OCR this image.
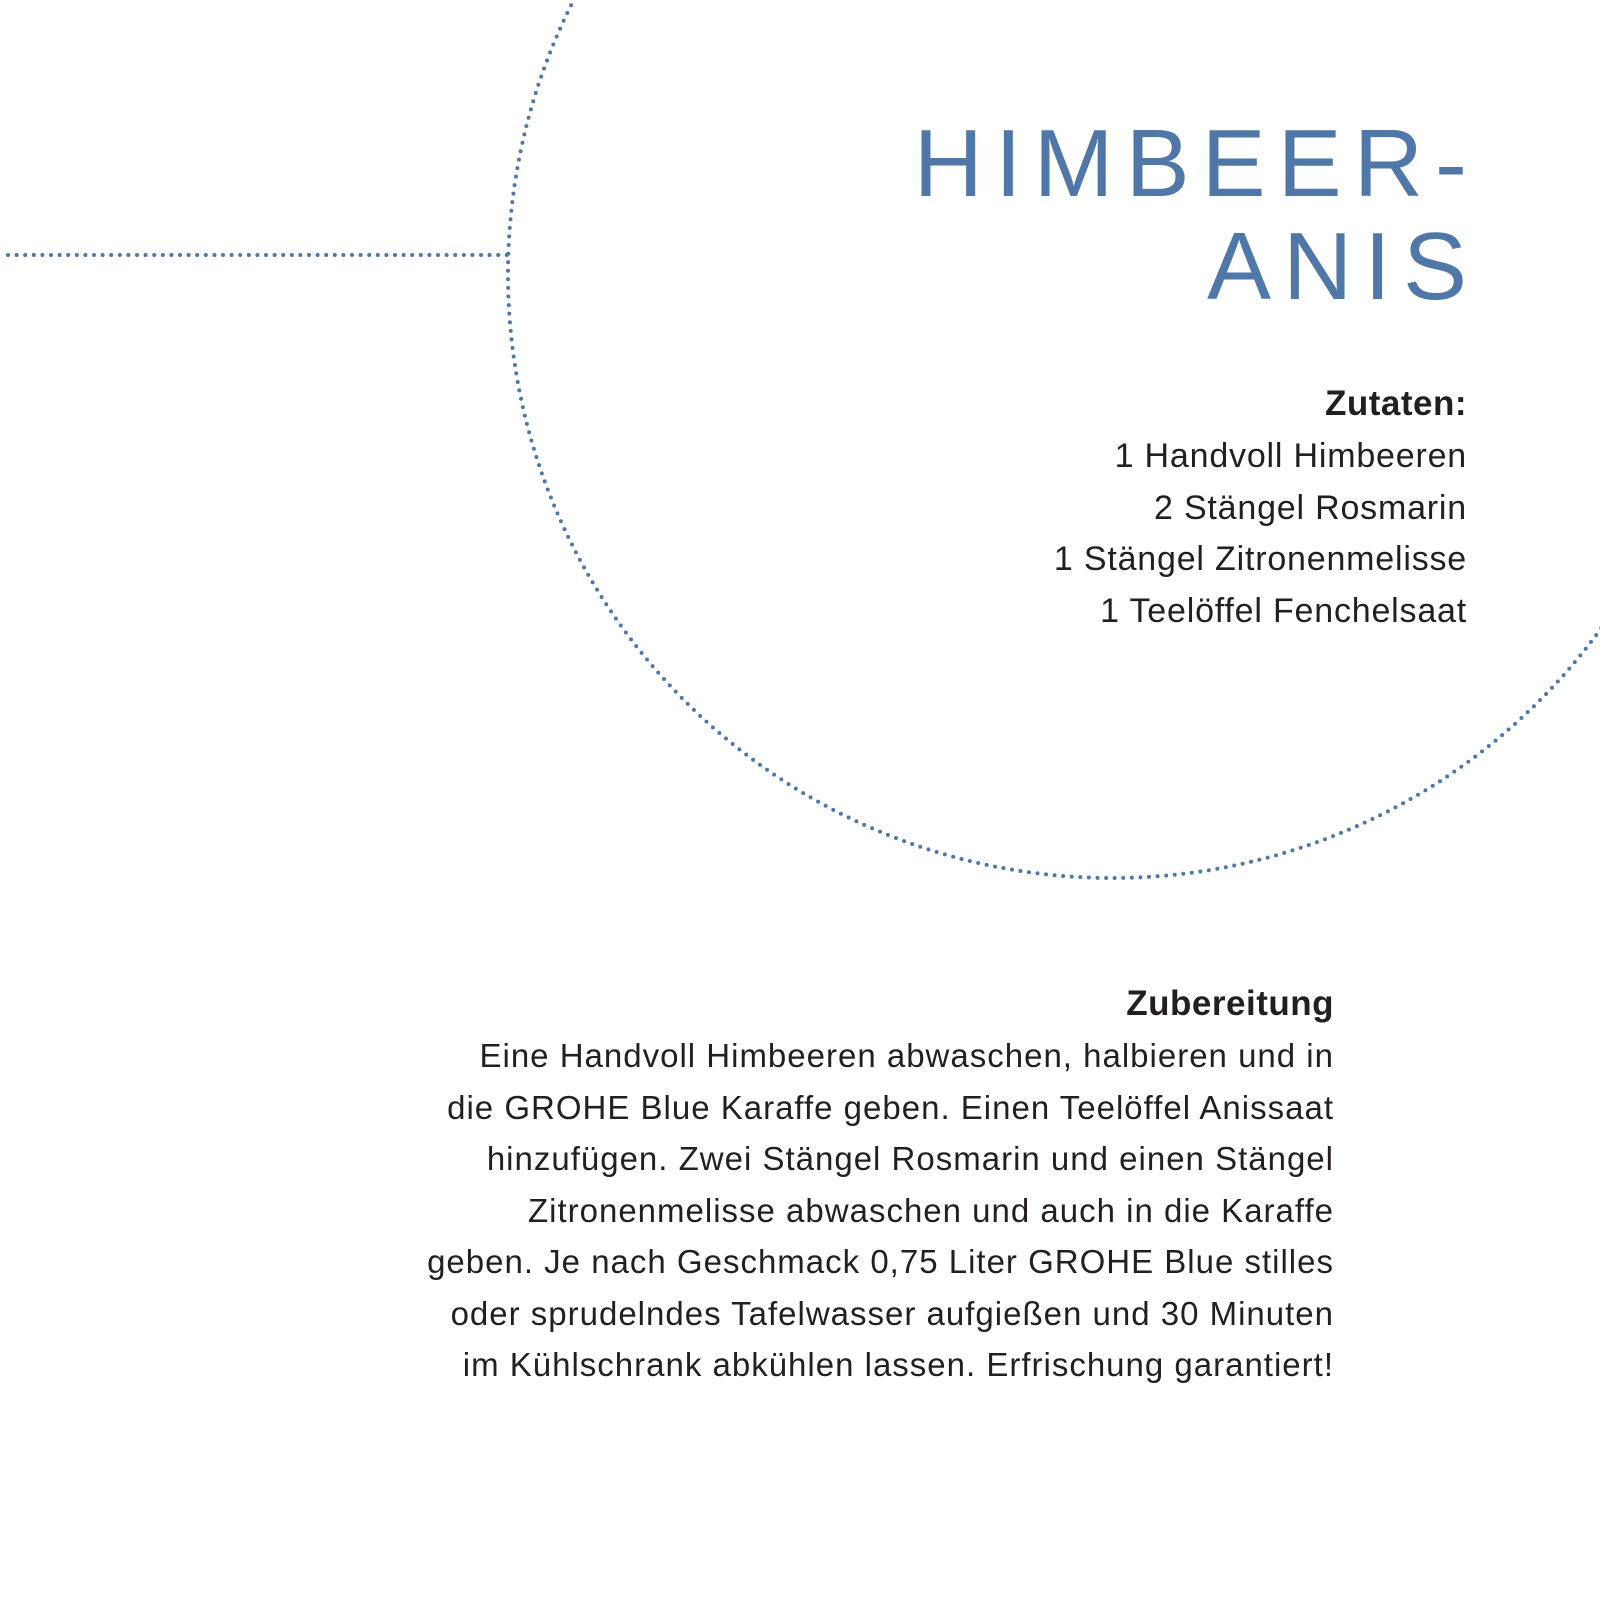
HIMBEER-
ANIS
Zutaten:
1 Handvoll Himbeeren
2 Stängel Rosmarin
1 Stängel Zitronenmelisse
1 Teelöffel Fenchelsaat
Zubereitung
Eine Handvoll Himbeeren abwaschen, halbieren und in
die GROHE Blue Karaffe geben. Einen Teelöffel Anissaat
hinzufügen. Zwei Stängel Rosmarin und einen Stängel
Zitronenmelisse abwaschen und auch in die Karaffe
geben. Je nach Geschmack 0,75 Liter GROHE Blue stilles
oder sprudelndes Tafelwasser aufgießen und 30 Minuten
im Kühlschrank abkühlen lassen. Erfrischung garantiert!
